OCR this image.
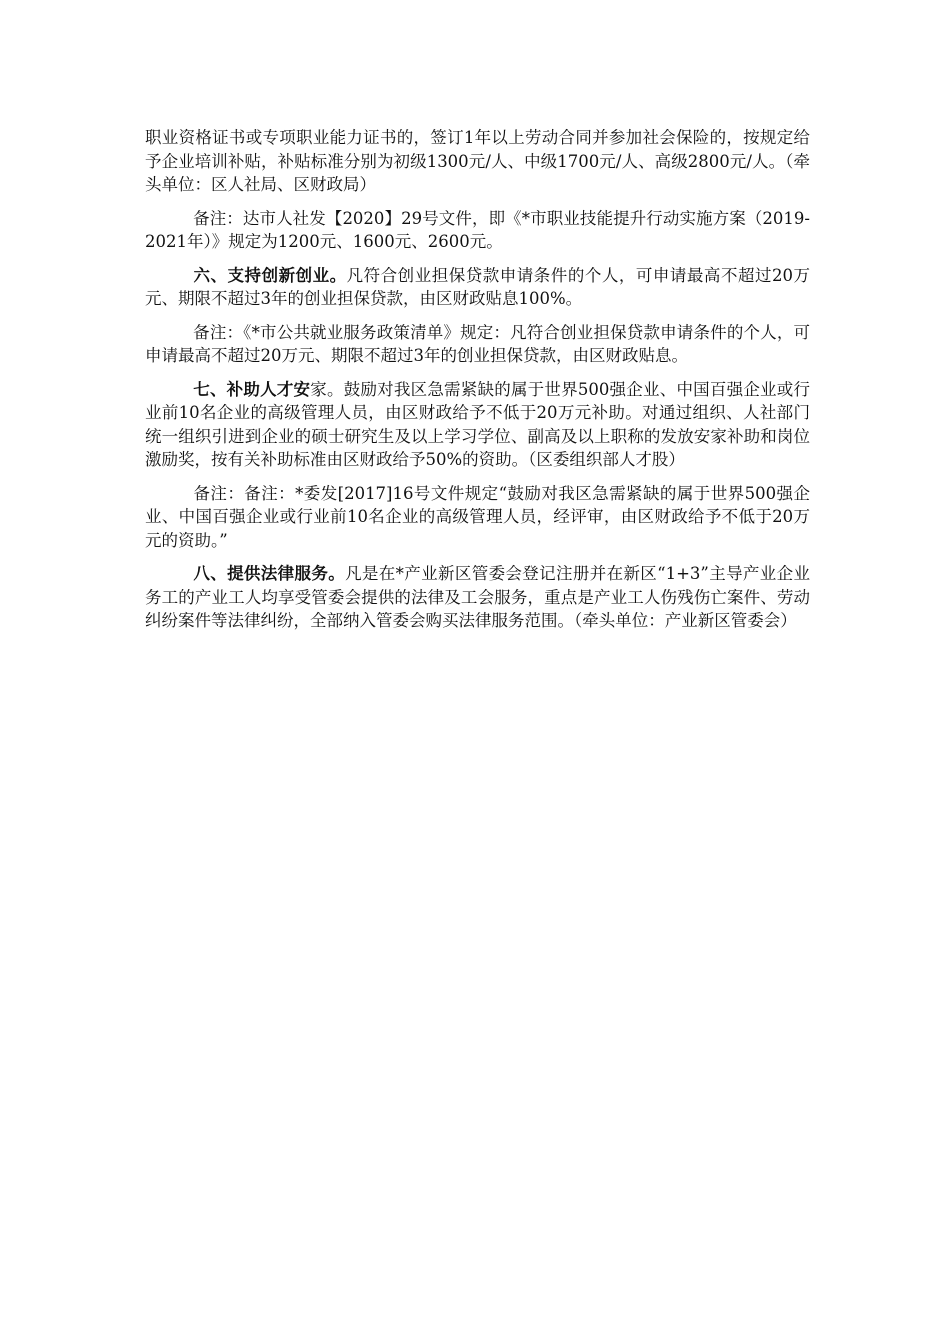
职业资格证书或专项职业能力证书的，签订1年以上劳动合同并参加社会保险的，按规定给予企业培训补贴，补贴标准分别为初级1300元/人、中级1700元/人、高级2800元/人。（牵头单位：区人社局、区财政局）

备注：达市人社发【2020】29号文件，即《*市职业技能提升行动实施方案（2019-2021年）》规定为1200元、1600元、2600元。

六、支持创新创业。凡符合创业担保贷款申请条件的个人，可申请最高不超过20万元、期限不超过3年的创业担保贷款，由区财政贴息100%。

备注：《*市公共就业服务政策清单》规定：凡符合创业担保贷款申请条件的个人，可申请最高不超过20万元、期限不超过3年的创业担保贷款，由区财政贴息。

七、补助人才安家。鼓励对我区急需紧缺的属于世界500强企业、中国百强企业或行业前10名企业的高级管理人员，由区财政给予不低于20万元补助。对通过组织、人社部门统一组织引进到企业的硕士研究生及以上学习学位、副高及以上职称的发放安家补助和岗位激励奖，按有关补助标准由区财政给予50%的资助。（区委组织部人才股）

备注：备注：*委发[2017]16号文件规定“鼓励对我区急需紧缺的属于世界500强企业、中国百强企业或行业前10名企业的高级管理人员，经评审，由区财政给予不低于20万元的资助。”

八、提供法律服务。凡是在*产业新区管委会登记注册并在新区“1+3”主导产业企业务工的产业工人均享受管委会提供的法律及工会服务，重点是产业工人伤残伤亡案件、劳动纠纷案件等法律纠纷，全部纳入管委会购买法律服务范围。（牵头单位：产业新区管委会）
